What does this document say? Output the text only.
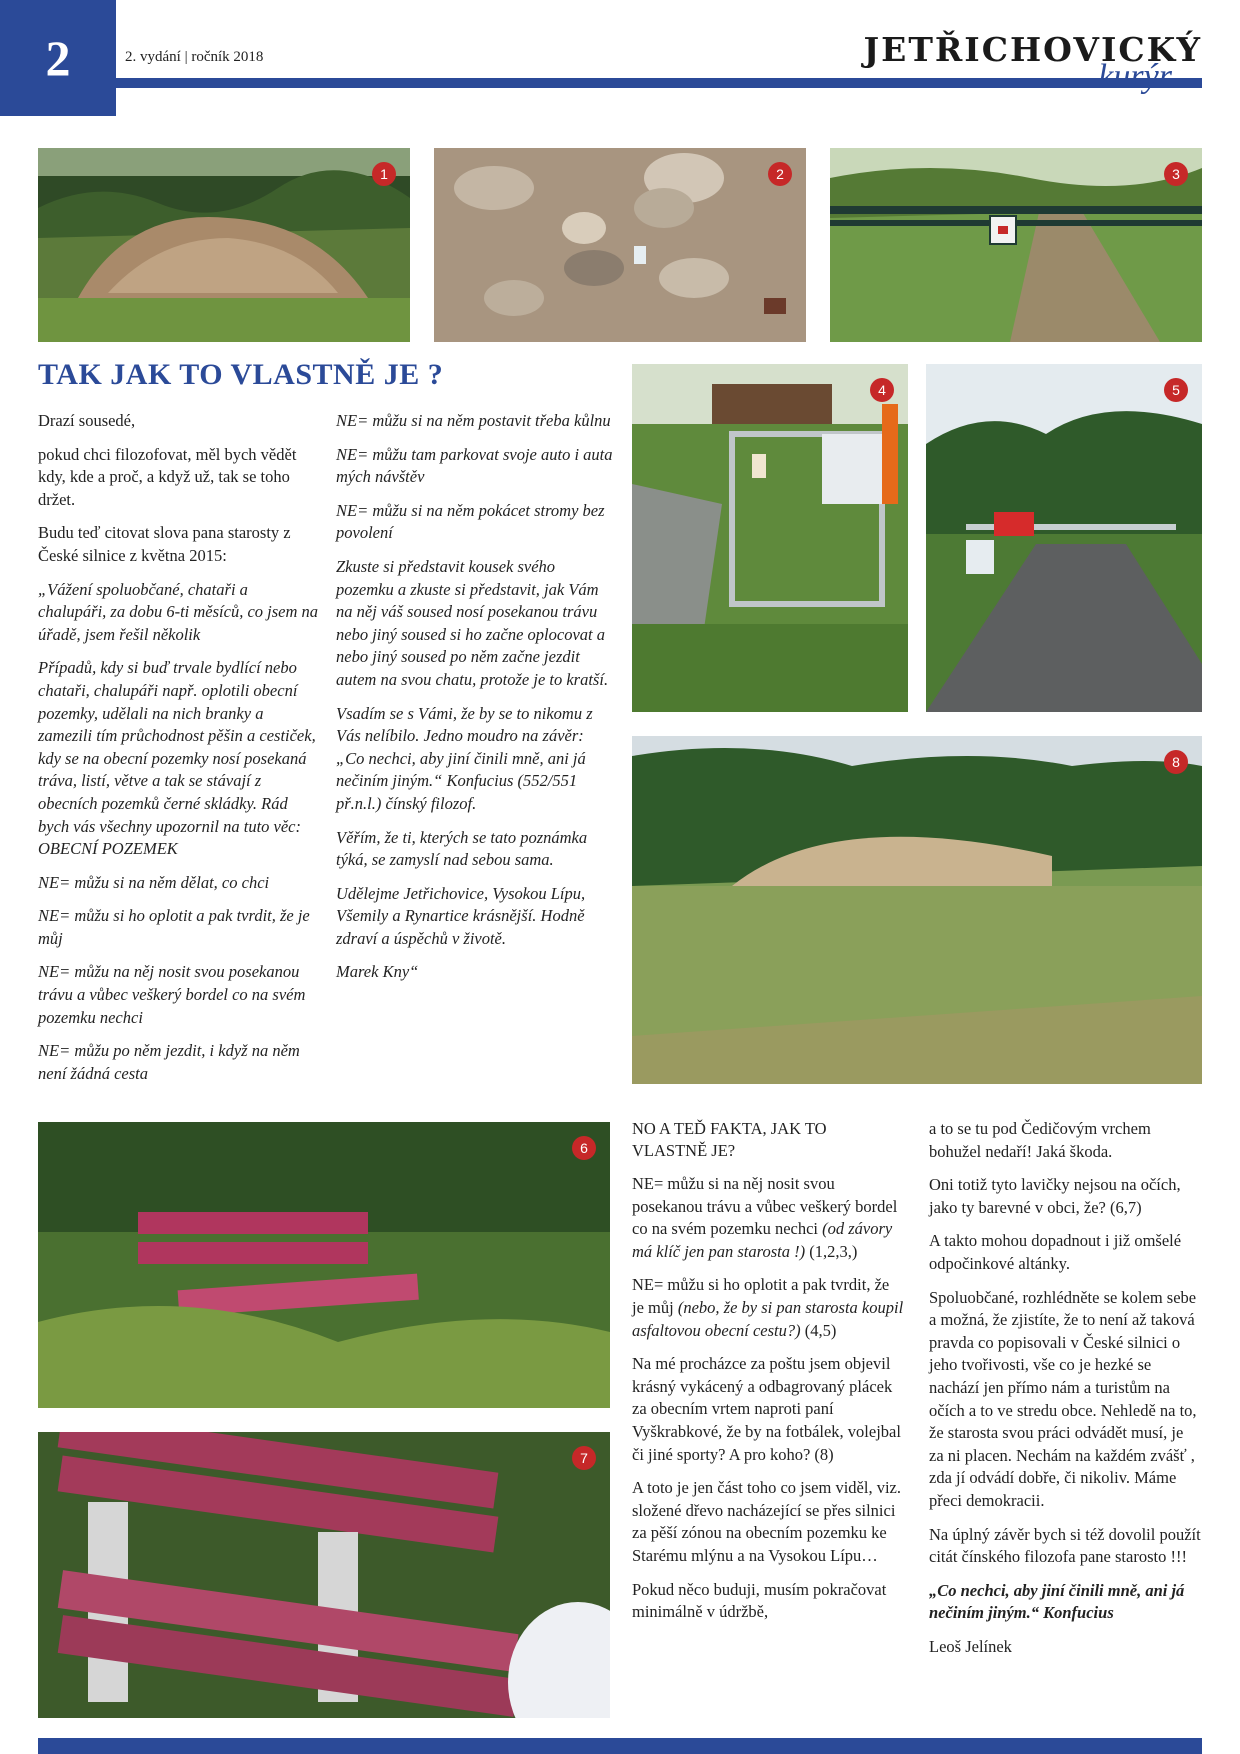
2	2. vydání | ročník 2018	JETŘICHOVICKÝ
kurýr
1	2	3
TAK JAK TO VLASTNĚ JE ?

Drazí sousedé,

pokud chci filozofovat, měl bych vědět kdy, kde a proč, a když už, tak se toho držet.

Budu teď citovat slova pana starosty z České silnice z května 2015:

„Vážení spoluobčané, chataři a chalupáři, za dobu 6-ti měsíců, co jsem na úřadě, jsem řešil několik

Případů, kdy si buď trvale bydlící nebo chataři, chalupáři např. oplotili obecní pozemky, udělali na nich branky a zamezili tím průchodnost pěšin a cestiček, kdy se na obecní pozemky nosí posekaná tráva, listí, větve a tak se stávají z obecních pozemků černé skládky. Rád bych vás všechny upozornil na tuto věc: OBECNÍ POZEMEK

NE= můžu si na něm dělat, co chci

NE= můžu si ho oplotit a pak tvrdit, že je můj

NE= můžu na něj nosit svou posekanou trávu a vůbec veškerý bordel co na svém pozemku nechci

NE= můžu po něm jezdit, i když na něm není žádná cesta

NE= můžu si na něm postavit třeba kůlnu

NE= můžu tam parkovat svoje auto i auta mých návštěv

NE= můžu si na něm pokácet stromy bez povolení

Zkuste si představit kousek svého pozemku a zkuste si představit, jak Vám na něj váš soused nosí posekanou trávu nebo jiný soused si ho začne oplocovat a nebo jiný soused po něm začne jezdit autem na svou chatu, protože je to kratší.

Vsadím se s Vámi, že by se to nikomu z Vás nelíbilo. Jedno moudro na závěr: „Co nechci, aby jiní činili mně, ani já nečiním jiným.“ Konfucius (552/551 př.n.l.) čínský filozof.

Věřím, že ti, kterých se tato poznámka týká, se zamyslí nad sebou sama.

Udělejme Jetřichovice, Vysokou Lípu, Všemily a Rynartice krásnější. Hodně zdraví a úspěchů v životě.

Marek Kny“

4	5
8
6
7
NO A TEĎ FAKTA, JAK TO VLASTNĚ JE?

NE= můžu si na něj nosit svou posekanou trávu a vůbec veškerý bordel co na svém pozemku nechci (od závory má klíč jen pan starosta !) (1,2,3,)

NE= můžu si ho oplotit a pak tvrdit, že je můj (nebo, že by si pan starosta koupil asfaltovou obecní cestu?) (4,5)

Na mé procházce za poštu jsem objevil krásný vykácený a odbagrovaný plácek za obecním vrtem naproti paní Vyškrabkové, že by na fotbálek, volejbal či jiné sporty? A pro koho? (8)

A toto je jen část toho co jsem viděl, viz. složené dřevo nacházející se přes silnici za pěší zónou na obecním pozemku ke Starému mlýnu a na Vysokou Lípu…

Pokud něco buduji, musím pokračovat minimálně v údržbě,

a to se tu pod Čedičovým vrchem bohužel nedaří! Jaká škoda.

Oni totiž tyto lavičky nejsou na očích, jako ty barevné v obci, že? (6,7)

A takto mohou dopadnout i již omšelé odpočinkové altánky.

Spoluobčané, rozhlédněte se kolem sebe a možná, že zjistíte, že to není až taková pravda co popisovali v České silnici o jeho tvořivosti, vše co je hezké se nachází jen přímo nám a turistům na očích a to ve stredu obce. Nehledě na to, že starosta svou práci odvádět musí, je za ni placen. Nechám na každém zvášť , zda jí odvádí dobře, či nikoliv. Máme přeci demokracii.

Na úplný závěr bych si též dovolil použít citát čínského filozofa pane starosto !!!

„Co nechci, aby jiní činili mně, ani já nečiním jiným.“ Konfucius

Leoš Jelínek
